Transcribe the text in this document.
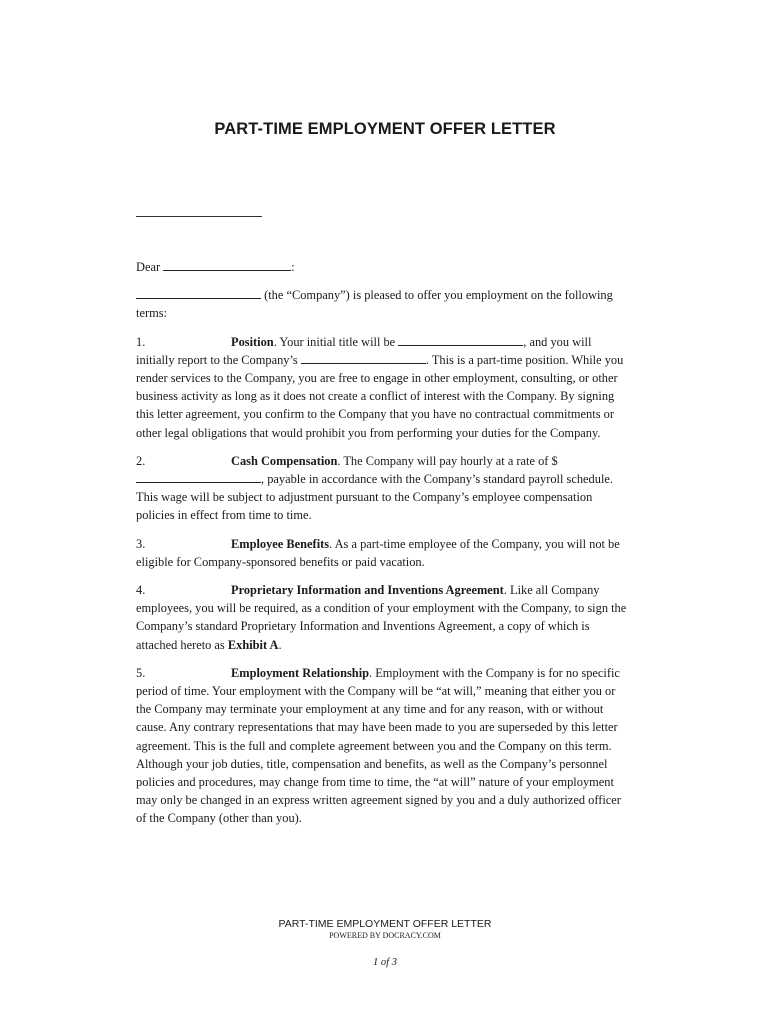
PART-TIME EMPLOYMENT OFFER LETTER

Dear	:

(the “Company”) is pleased to offer you employment on the following terms:

1.	Position. Your initial title will be	, and you will initially report to the Company’s	. This is a part-time position. While you render services to the Company, you are free to engage in other employment, consulting, or other business activity as long as it does not create a conflict of interest with the Company. By signing this letter agreement, you confirm to the Company that you have no contractual commitments or other legal obligations that would prohibit you from performing your duties for the Company.

2.	Cash Compensation. The Company will pay hourly at a rate of $, payable in accordance with the Company’s standard payroll schedule. This wage will be subject to adjustment pursuant to the Company’s employee compensation policies in effect from time to time.

3.	Employee Benefits. As a part-time employee of the Company, you will not be eligible for Company-sponsored benefits or paid vacation.

4.	Proprietary Information and Inventions Agreement. Like all Company employees, you will be required, as a condition of your employment with the Company, to sign the Company’s standard Proprietary Information and Inventions Agreement, a copy of which is attached hereto as Exhibit A.

5.	Employment Relationship. Employment with the Company is for no specific period of time. Your employment with the Company will be “at will,” meaning that either you or the Company may terminate your employment at any time and for any reason, with or without cause. Any contrary representations that may have been made to you are superseded by this letter agreement. This is the full and complete agreement between you and the Company on this term. Although your job duties, title, compensation and benefits, as well as the Company’s personnel policies and procedures, may change from time to time, the “at will” nature of your employment may only be changed in an express written agreement signed by you and a duly authorized officer of the Company (other than you).

PART-TIME EMPLOYMENT OFFER LETTER
POWERED BY DOCRACY.COM
1 of 3
